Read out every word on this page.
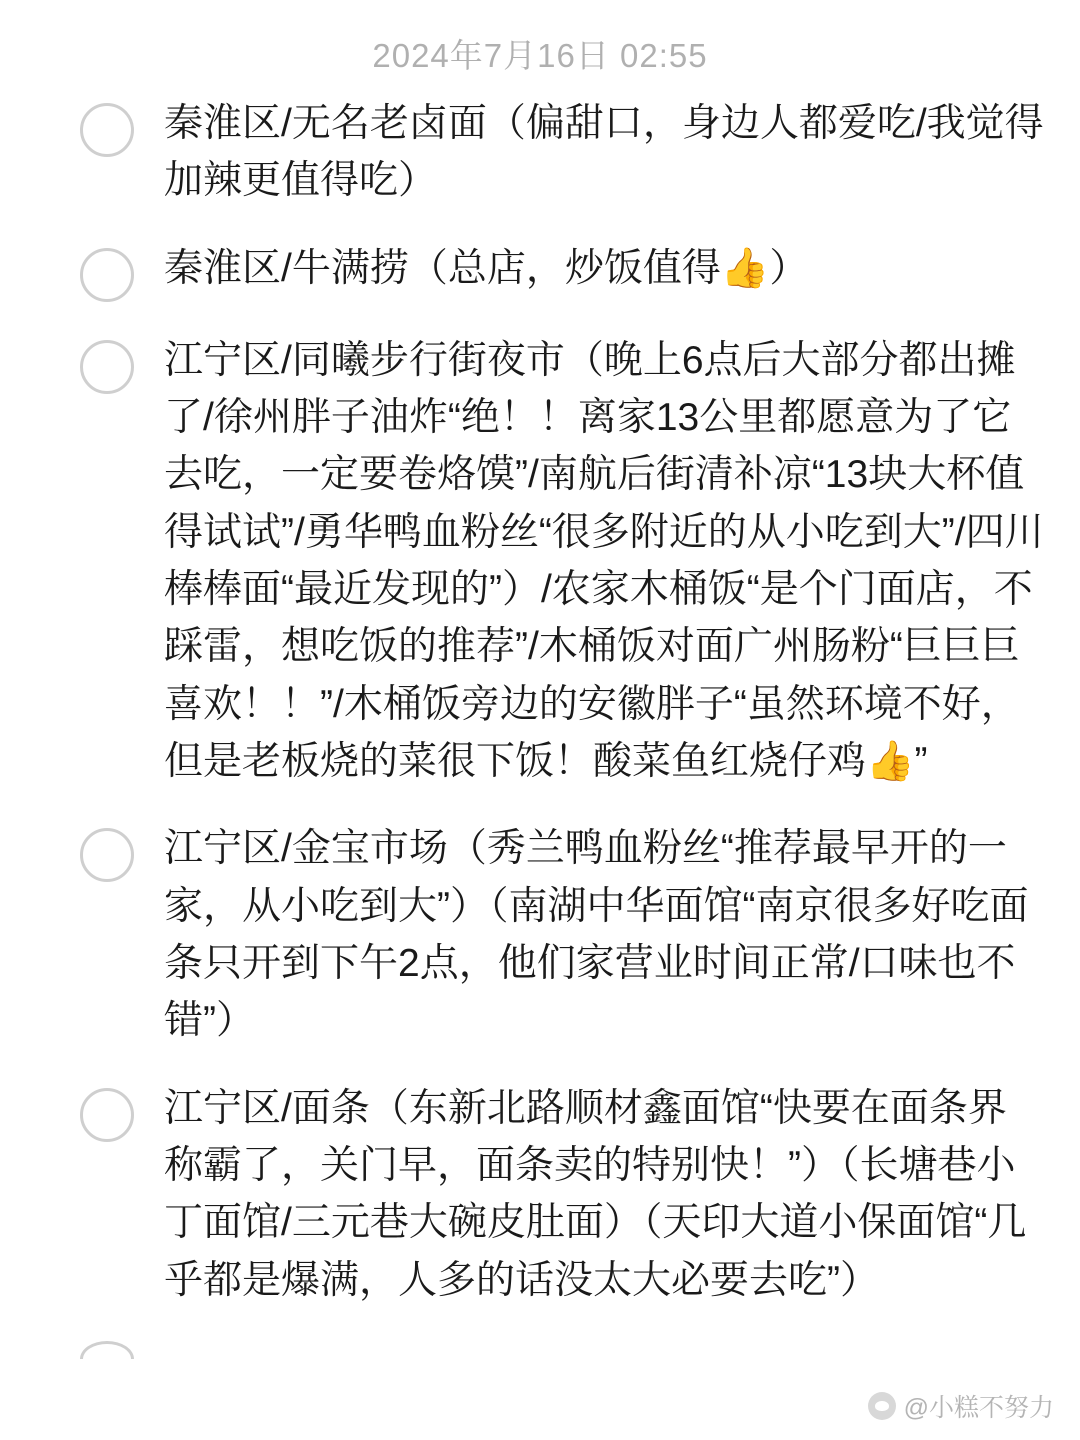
2024年7月16日 02:55
秦淮区/无名老卤面（偏甜口，身边人都爱吃/我觉得加辣更值得吃）
秦淮区/牛满捞（总店，炒饭值得👍）
江宁区/同曦步行街夜市（晚上6点后大部分都出摊了/徐州胖子油炸“绝！！离家13公里都愿意为了它去吃，一定要卷烙馍”/南航后街清补凉“13块大杯值得试试”/勇华鸭血粉丝“很多附近的从小吃到大”/四川棒棒面“最近发现的”）/农家木桶饭“是个门面店，不踩雷，想吃饭的推荐”/木桶饭对面广州肠粉“巨巨巨喜欢！！”/木桶饭旁边的安徽胖子“虽然环境不好，但是老板烧的菜很下饭！酸菜鱼红烧仔鸡👍”
江宁区/金宝市场（秀兰鸭血粉丝“推荐最早开的一家，从小吃到大”）（南湖中华面馆“南京很多好吃面条只开到下午2点，他们家营业时间正常/口味也不错”）
江宁区/面条（东新北路顺材鑫面馆“快要在面条界称霸了，关门早，面条卖的特别快！”）（长塘巷小丁面馆/三元巷大碗皮肚面）（天印大道小保面馆“几乎都是爆满，人多的话没太大必要去吃”）
@小糕不努力
